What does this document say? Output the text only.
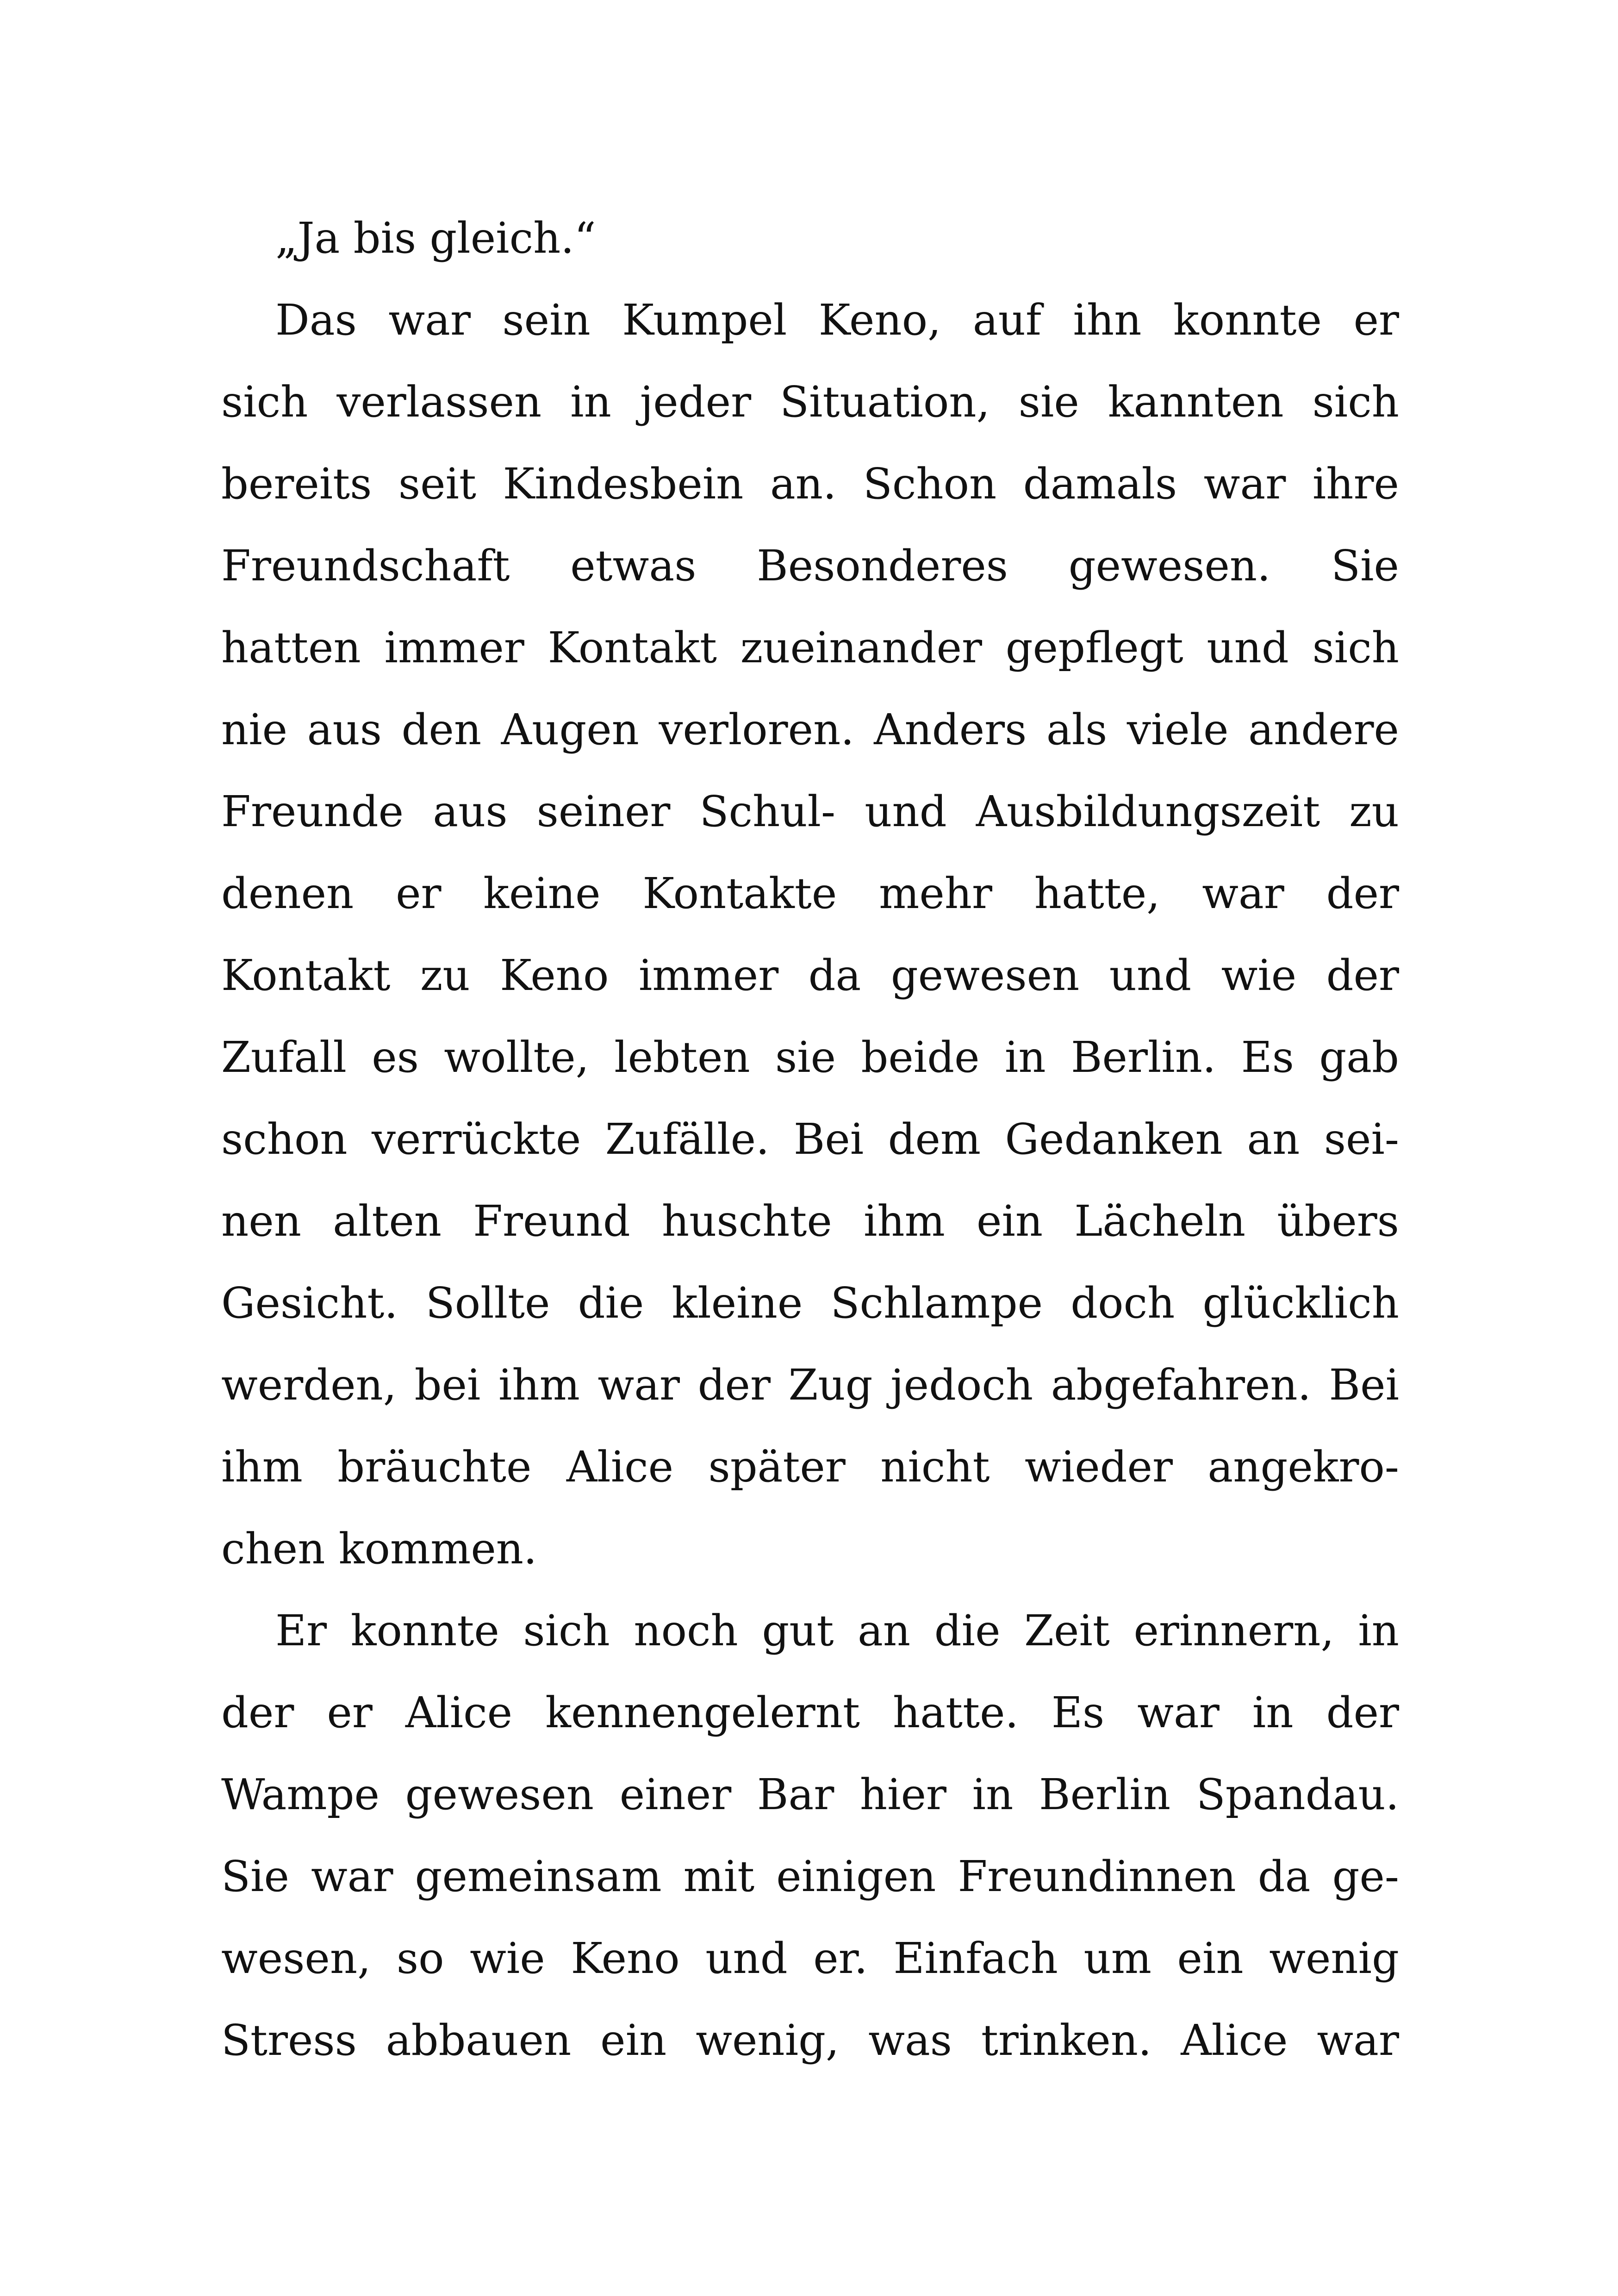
„Ja bis gleich.“
Das war sein Kumpel Keno, auf ihn konnte er
sich verlassen in jeder Situation, sie kannten sich
bereits seit Kindesbein an. Schon damals war ihre
Freundschaft etwas Besonderes gewesen. Sie
hatten immer Kontakt zueinander gepflegt und sich
nie aus den Augen verloren. Anders als viele andere
Freunde aus seiner Schul- und Ausbildungszeit zu
denen er keine Kontakte mehr hatte, war der
Kontakt zu Keno immer da gewesen und wie der
Zufall es wollte, lebten sie beide in Berlin. Es gab
schon verrückte Zufälle. Bei dem Gedanken an sei-
nen alten Freund huschte ihm ein Lächeln übers
Gesicht. Sollte die kleine Schlampe doch glücklich
werden, bei ihm war der Zug jedoch abgefahren. Bei
ihm bräuchte Alice später nicht wieder angekro-
chen kommen.
Er konnte sich noch gut an die Zeit erinnern, in
der er Alice kennengelernt hatte. Es war in der
Wampe gewesen einer Bar hier in Berlin Spandau.
Sie war gemeinsam mit einigen Freundinnen da ge-
wesen, so wie Keno und er. Einfach um ein wenig
Stress abbauen ein wenig, was trinken. Alice war
